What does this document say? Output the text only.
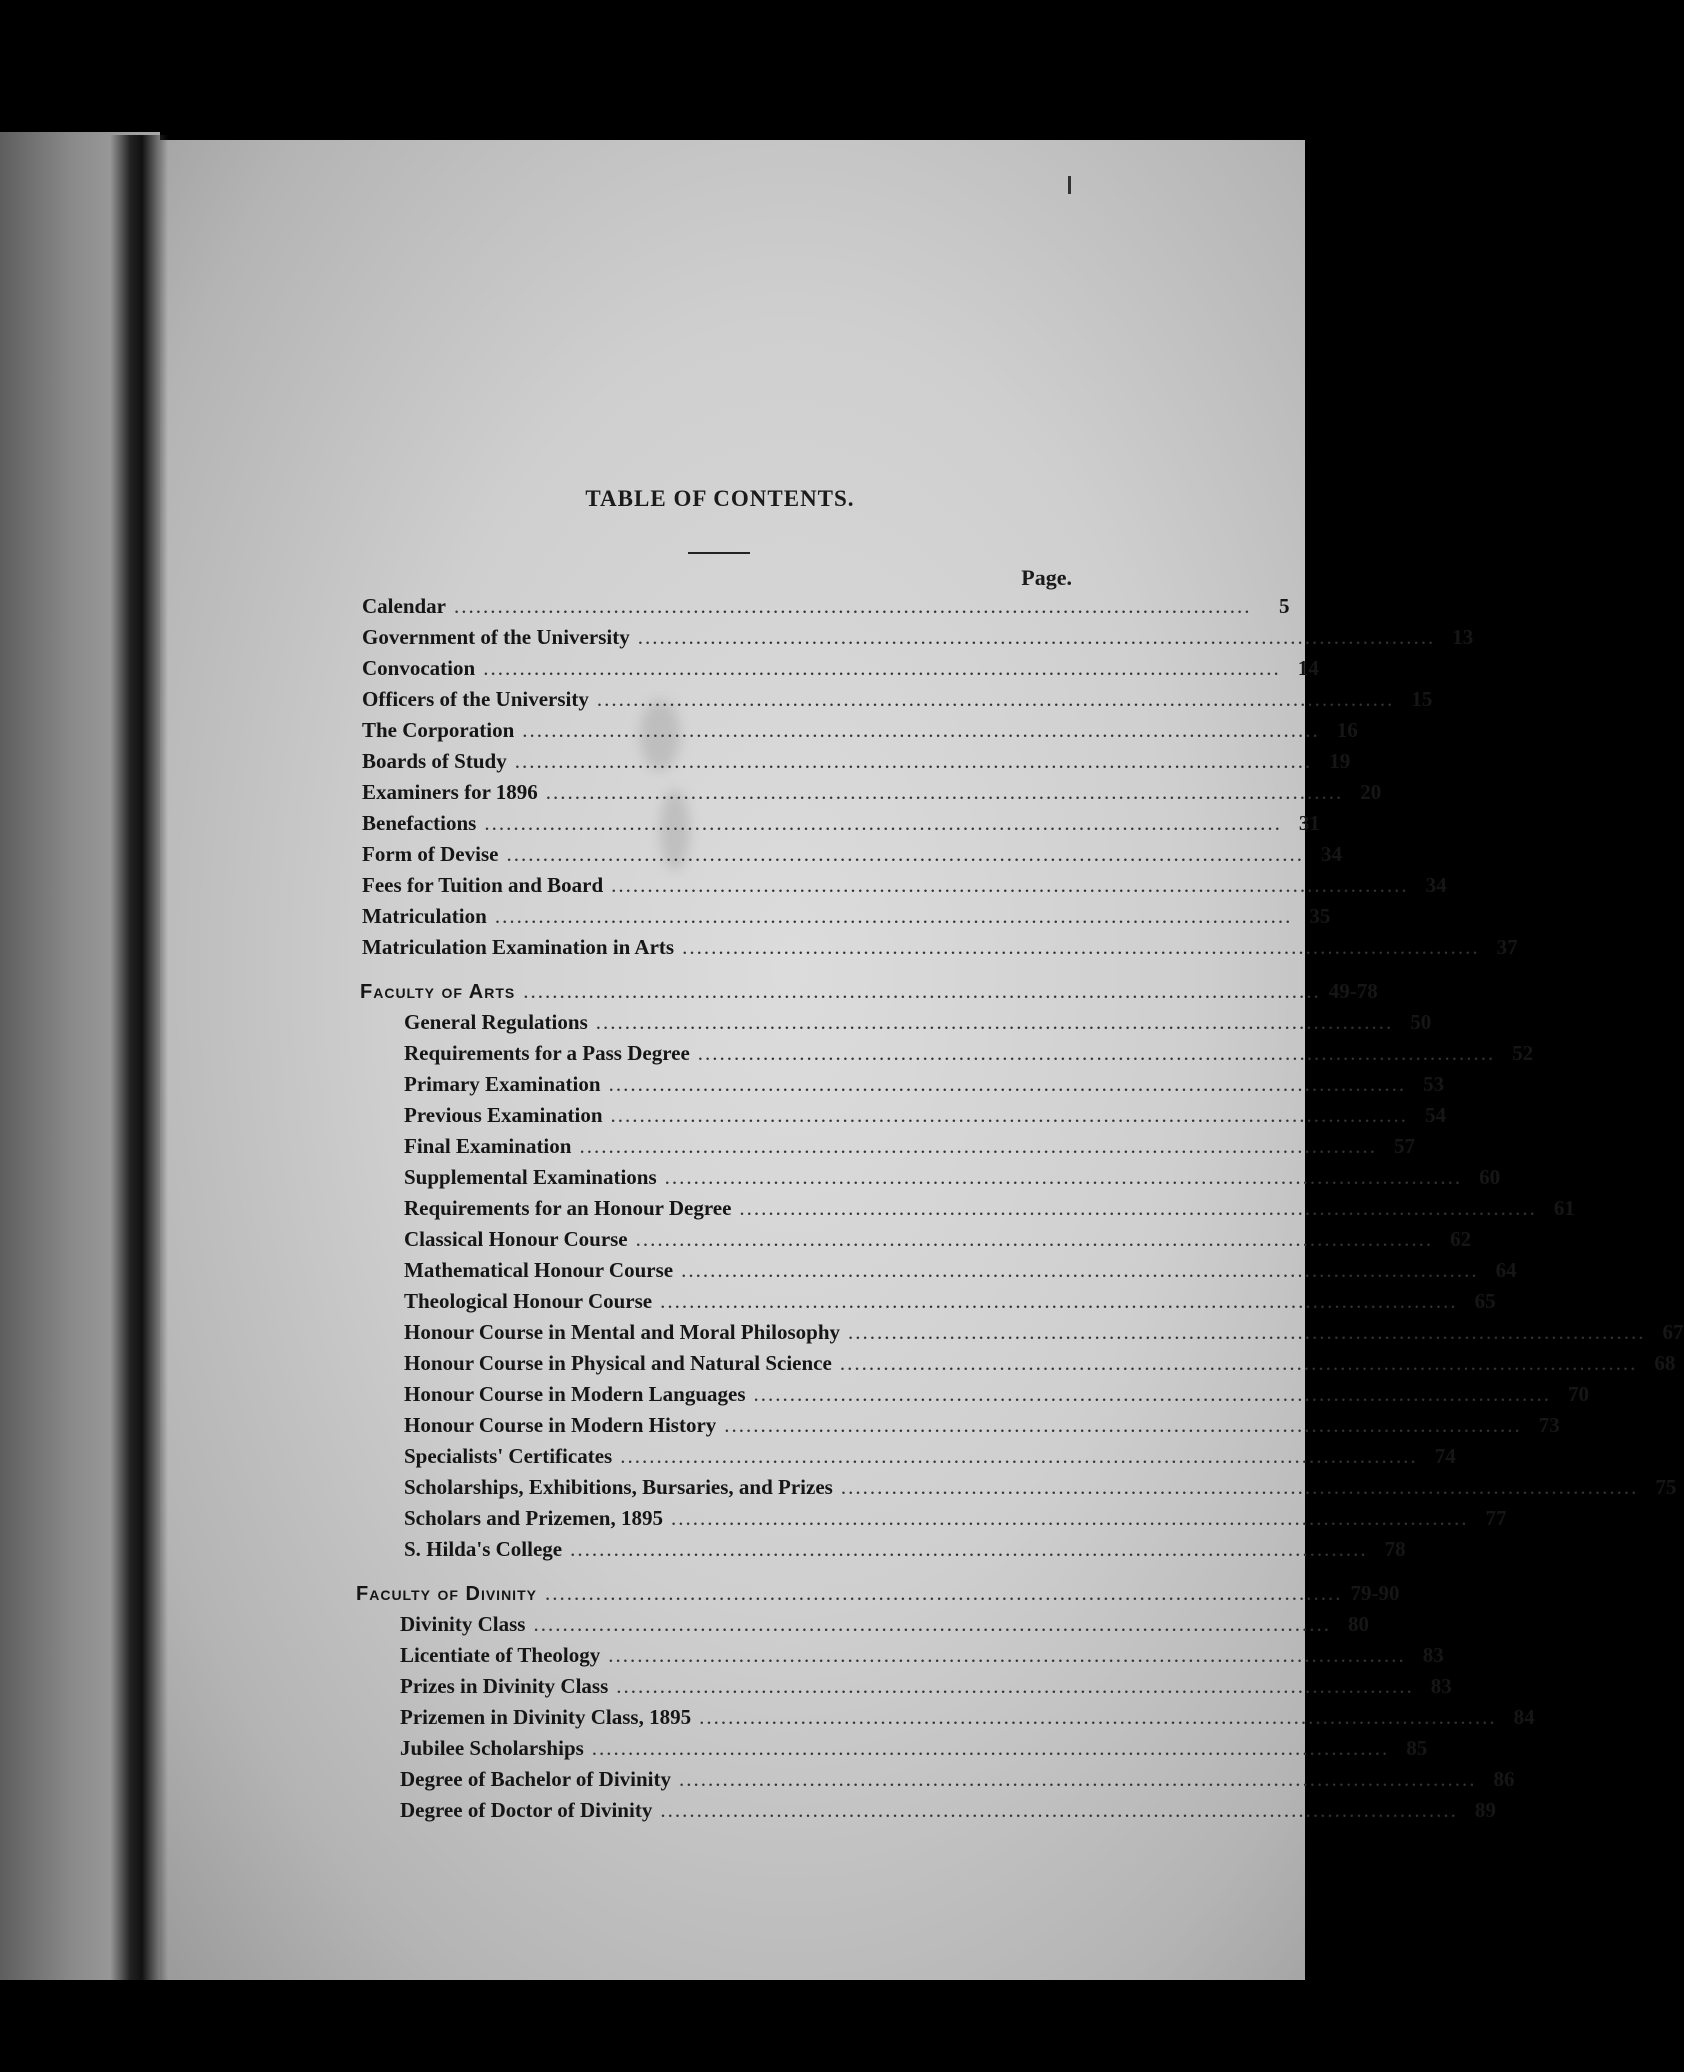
TABLE OF CONTENTS.
Page.
Calendar ..............................................................................................................	5
Government of the University .............................................................................................................. 13
Convocation .............................................................................................................. 14
Officers of the University .............................................................................................................. 15
The Corporation .............................................................................................................. 16
Boards of Study .............................................................................................................. 19
Examiners for 1896 .............................................................................................................. 20
Benefactions .............................................................................................................. 31
Form of Devise .............................................................................................................. 34
Fees for Tuition and Board .............................................................................................................. 34
Matriculation .............................................................................................................. 35
Matriculation Examination in Arts .............................................................................................................. 37
Faculty of Arts .............................................................................................................. 49-78
General Regulations .............................................................................................................. 50
Requirements for a Pass Degree .............................................................................................................. 52
Primary Examination .............................................................................................................. 53
Previous Examination .............................................................................................................. 54
Final Examination .............................................................................................................. 57
Supplemental Examinations .............................................................................................................. 60
Requirements for an Honour Degree .............................................................................................................. 61
Classical Honour Course .............................................................................................................. 62
Mathematical Honour Course .............................................................................................................. 64
Theological Honour Course .............................................................................................................. 65
Honour Course in Mental and Moral Philosophy .............................................................................................................. 67
Honour Course in Physical and Natural Science .............................................................................................................. 68
Honour Course in Modern Languages .............................................................................................................. 70
Honour Course in Modern History .............................................................................................................. 73
Specialists' Certificates .............................................................................................................. 74
Scholarships, Exhibitions, Bursaries, and Prizes .............................................................................................................. 75
Scholars and Prizemen, 1895 .............................................................................................................. 77
S. Hilda's College .............................................................................................................. 78
Faculty of Divinity .............................................................................................................. 79-90
Divinity Class .............................................................................................................. 80
Licentiate of Theology .............................................................................................................. 83
Prizes in Divinity Class .............................................................................................................. 83
Prizemen in Divinity Class, 1895 .............................................................................................................. 84
Jubilee Scholarships .............................................................................................................. 85
Degree of Bachelor of Divinity .............................................................................................................. 86
Degree of Doctor of Divinity .............................................................................................................. 89
